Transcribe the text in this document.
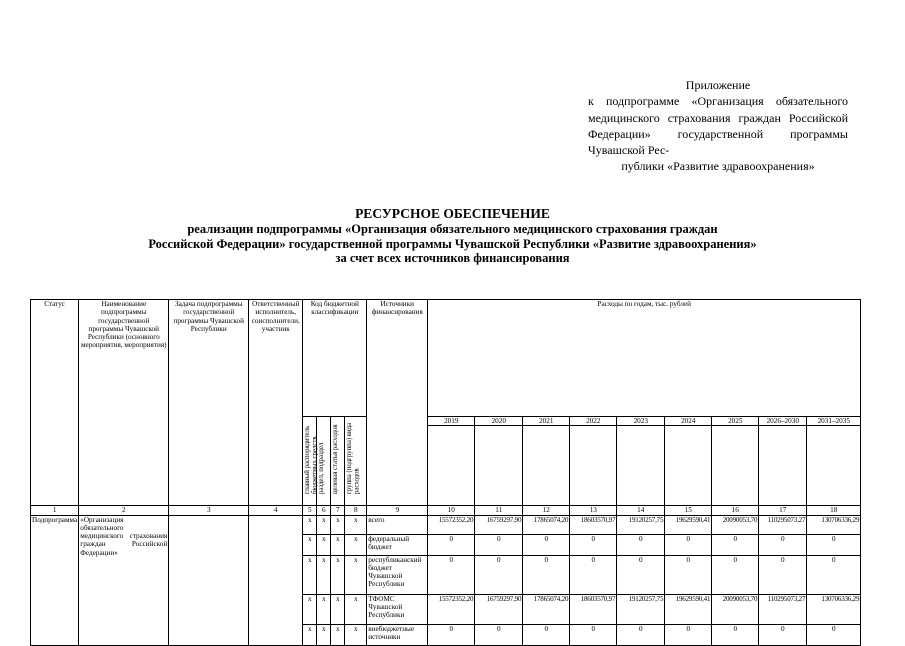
Приложение
к подпрограмме «Организация обязательного медицинского страхования граждан Российской Федерации» государственной программы Чувашской Рес-
публики «Развитие здравоохранения»
РЕСУРСНОЕ ОБЕСПЕЧЕНИЕ
реализации подпрограммы «Организация обязательного медицинского страхования граждан
Российской Федерации» государственной программы Чувашской Республики «Развитие здравоохранения»
за счет всех источников финансирования
Статус	Наименование подпрограммы государственной программы Чувашской Республики (основного мероприятия, мероприятия)	Задача подпрограммы государственной программы Чувашской Республики	Ответственный исполнитель, соисполнители, участник	Код бюджетной классификации				Источники финансирования	Расходы по годам, тыс. рублей								

				главный распорядитель бюджетных средств	раздел, подраздел	целевая статья расходов	группа (подгруппа) вида расходов		2019	2020	2021	2022	2023	2024	2025	2026–2030	2031–2035

1	2	3	4	5	6	7	8	9	10	11	12	13	14	15	16	17	18
Подпрограмма	«Организация обязательного медицинского страхования граждан Российской Федерации»			x	x	x	x	всего	15572352,20	16759297,90	17865074,20	18603570,97	19120257,75	19629590,41	20090053,70	110295073,27	130706336,29
				x	x	x	x	федеральный бюджет	0	0	0	0	0	0	0	0	0
				x	x	x	x	республиканский бюджет Чувашской Республики	0	0	0	0	0	0	0	0	0
				x	x	x	x	ТФОМС Чувашской Республики	15572352,20	16759297,90	17865074,20	18603570,97	19120257,75	19629590,41	20090053,70	110295073,27	130706336,29
				x	x	x	x	внебюджетные источники	0	0	0	0	0	0	0	0	0
